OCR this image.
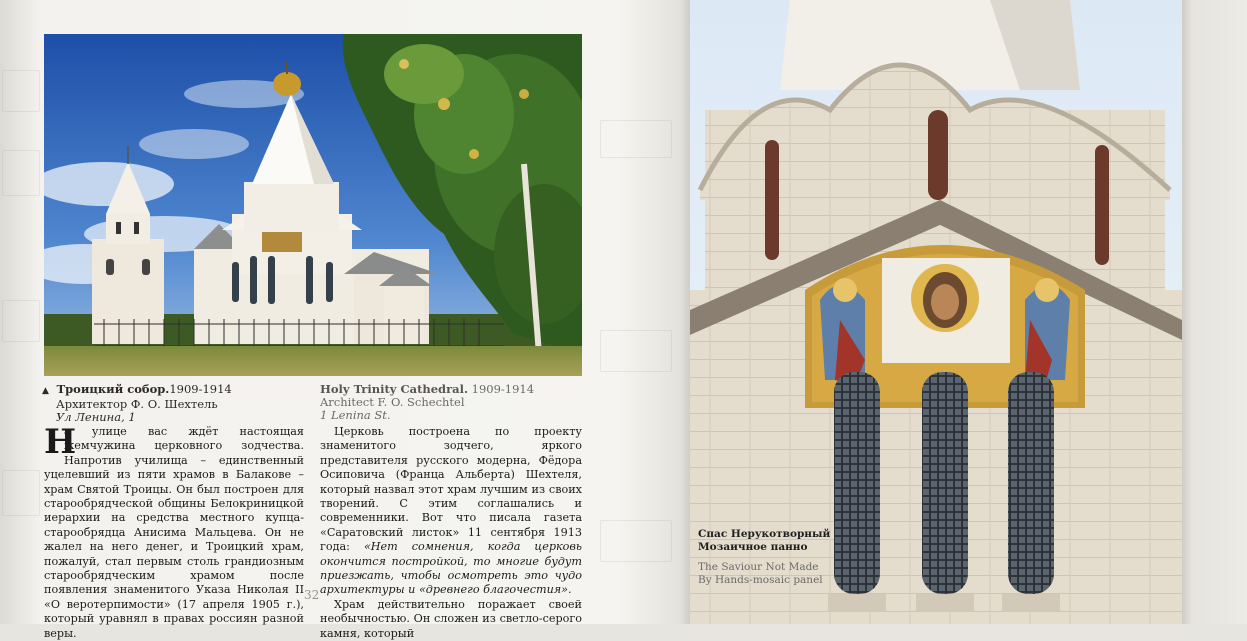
▲ Троицкий собор.1909-1914
Архитектор Ф. О. Шехтель
Ул Ленина, 1
Holy Trinity Cathedral. 1909-1914
Architect F. O. Schechtel
1 Lenina St.

Н
а улице вас ждёт настоящая жемчужина церковного зодчества. Напротив училища – единственный уцелевший из пяти храмов в Балакове – храм Святой Троицы. Он был построен для старообрядческой общины Белокриницкой иерархии на средства местного купца-старообрядца Анисима Мальцева. Он не жалел на него денег, и Троицкий храм, пожалуй, стал первым столь грандиозным старообрядческим храмом после появления знаменитого Указа Николая II «О веротерпимости» (17 апреля 1905 г.), который уравнял в правах россиян разной веры.

Церковь построена по проекту знаменитого зодчего, яркого представителя русского модерна, Фёдора Осиповича (Франца Альберта) Шехтеля, который назвал этот храм лучшим из своих творений. С этим соглашались и современники. Вот что писала газета «Саратовский листок» 11 сентября 1913 года: «Нет сомнения, когда церковь окончится постройкой, то многие будут приезжать, чтобы осмотреть это чудо архитектуры и «древнего благочестия».

Храм действительно поражает своей необычностью. Он сложен из светло-серого камня, который

32
Спас Нерукотворный
Мозаичное панно
The Saviour Not Made
By Hands-mosaic panel
